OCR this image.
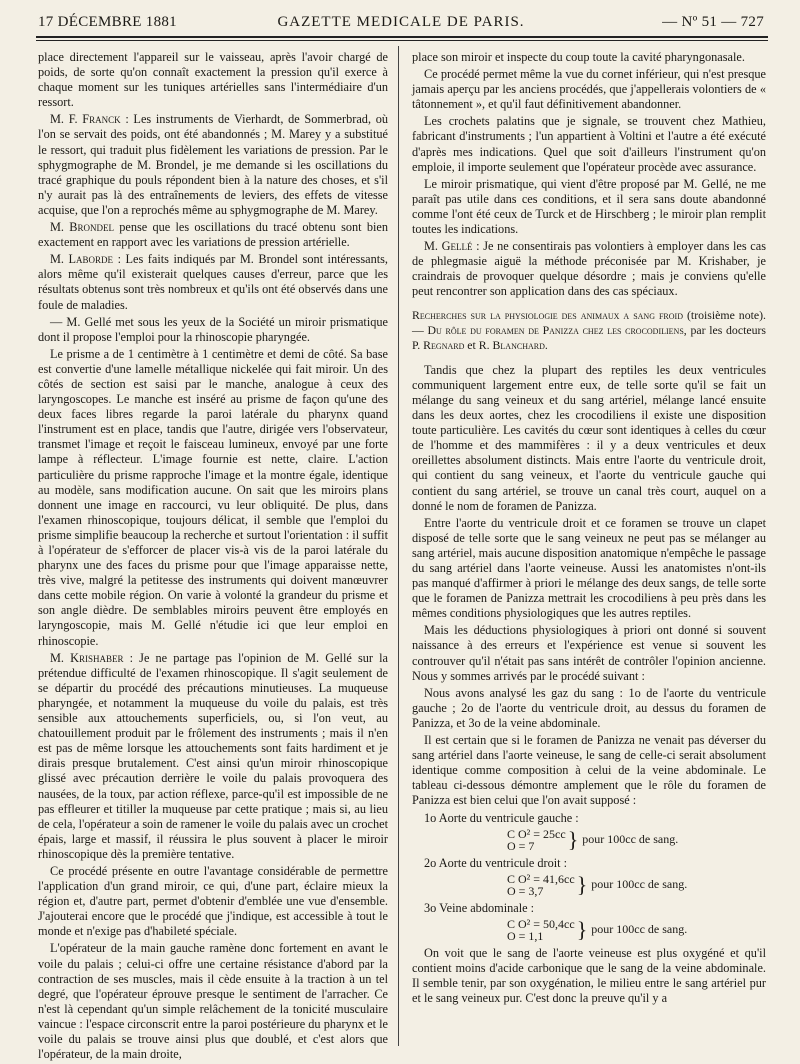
17 DÉCEMBRE 1881	GAZETTE MEDICALE DE PARIS.	— Nº 51 — 727

place directement l'appareil sur le vaisseau, après l'avoir chargé de poids, de sorte qu'on connaît exactement la pression qu'il exerce à chaque moment sur les tuniques artérielles sans l'intermédiaire d'un ressort.

M. F. Franck : Les instruments de Vierhardt, de Sommerbrad, où l'on se servait des poids, ont été abandonnés ; M. Marey y a substitué le ressort, qui traduit plus fidèlement les variations de pression. Par le sphygmographe de M. Brondel, je me demande si les oscillations du tracé graphique du pouls répondent bien à la nature des choses, et s'il n'y aurait pas là des entraînements de leviers, des effets de vitesse acquise, que l'on a reprochés même au sphygmographe de M. Marey.

M. Brondel pense que les oscillations du tracé obtenu sont bien exactement en rapport avec les variations de pression artérielle.

M. Laborde : Les faits indiqués par M. Brondel sont intéressants, alors même qu'il existerait quelques causes d'erreur, parce que les résultats obtenus sont très nombreux et qu'ils ont été observés dans une foule de maladies.

— M. Gellé met sous les yeux de la Société un miroir prismatique dont il propose l'emploi pour la rhinoscopie pharyngée.

Le prisme a de 1 centimètre à 1 centimètre et demi de côté. Sa base est convertie d'une lamelle métallique nickelée qui fait miroir. Un des côtés de section est saisi par le manche, analogue à ceux des laryngoscopes. Le manche est inséré au prisme de façon qu'une des deux faces libres regarde la paroi latérale du pharynx quand l'instrument est en place, tandis que l'autre, dirigée vers l'observateur, transmet l'image et reçoit le faisceau lumineux, envoyé par une forte lampe à réflecteur. L'image fournie est nette, claire. L'action particulière du prisme rapproche l'image et la montre égale, identique au modèle, sans modification aucune. On sait que les miroirs plans donnent une image en raccourci, vu leur obliquité. De plus, dans l'examen rhinoscopique, toujours délicat, il semble que l'emploi du prisme simplifie beaucoup la recherche et surtout l'orientation : il suffit à l'opérateur de s'efforcer de placer vis-à vis de la paroi latérale du pharynx une des faces du prisme pour que l'image apparaisse nette, très vive, malgré la petitesse des instruments qui doivent manœuvrer dans cette mobile région. On varie à volonté la grandeur du prisme et son angle dièdre. De semblables miroirs peuvent être employés en laryngoscopie, mais M. Gellé n'étudie ici que leur emploi en rhinoscopie.

M. Krishaber : Je ne partage pas l'opinion de M. Gellé sur la prétendue difficulté de l'examen rhinoscopique. Il s'agit seulement de se départir du procédé des précautions minutieuses. La muqueuse pharyngée, et notamment la muqueuse du voile du palais, est très sensible aux attouchements superficiels, ou, si l'on veut, au chatouillement produit par le frôlement des instruments ; mais il n'en est pas de même lorsque les attouchements sont faits hardiment et je dirais presque brutalement. C'est ainsi qu'un miroir rhinoscopique glissé avec précaution derrière le voile du palais provoquera des nausées, de la toux, par action réflexe, parce-qu'il est impossible de ne pas effleurer et titiller la muqueuse par cette pratique ; mais si, au lieu de cela, l'opérateur a soin de ramener le voile du palais avec un crochet épais, large et massif, il réussira le plus souvent à placer le miroir rhinoscopique dès la première tentative.

Ce procédé présente en outre l'avantage considérable de permettre l'application d'un grand miroir, ce qui, d'une part, éclaire mieux la région et, d'autre part, permet d'obtenir d'emblée une vue d'ensemble. J'ajouterai encore que le procédé que j'indique, est accessible à tout le monde et n'exige pas d'habileté spéciale.

L'opérateur de la main gauche ramène donc fortement en avant le voile du palais ; celui-ci offre une certaine résistance d'abord par la contraction de ses muscles, mais il cède ensuite à la traction à un tel degré, que l'opérateur éprouve presque le sentiment de l'arracher. Ce n'est là cependant qu'un simple relâchement de la tonicité musculaire vaincue : l'espace circonscrit entre la paroi postérieure du pharynx et le voile du palais se trouve ainsi plus que doublé, et c'est alors que l'opérateur, de la main droite,

place son miroir et inspecte du coup toute la cavité pharyngonasale.

Ce procédé permet même la vue du cornet inférieur, qui n'est presque jamais aperçu par les anciens procédés, que j'appellerais volontiers de « tâtonnement », et qu'il faut définitivement abandonner.

Les crochets palatins que je signale, se trouvent chez Mathieu, fabricant d'instruments ; l'un appartient à Voltini et l'autre a été exécuté d'après mes indications. Quel que soit d'ailleurs l'instrument qu'on emploie, il importe seulement que l'opérateur procède avec assurance.

Le miroir prismatique, qui vient d'être proposé par M. Gellé, ne me paraît pas utile dans ces conditions, et il sera sans doute abandonné comme l'ont été ceux de Turck et de Hirschberg ; le miroir plan remplit toutes les indications.

M. Gellé : Je ne consentirais pas volontiers à employer dans les cas de phlegmasie aiguë la méthode préconisée par M. Krishaber, je craindrais de provoquer quelque désordre ; mais je conviens qu'elle peut rencontrer son application dans des cas spéciaux.

Recherches sur la physiologie des animaux a sang froid (troisième note). — Du rôle du foramen de Panizza chez les crocodiliens, par les docteurs P. Regnard et R. Blanchard.

Tandis que chez la plupart des reptiles les deux ventricules communiquent largement entre eux, de telle sorte qu'il se fait un mélange du sang veineux et du sang artériel, mélange lancé ensuite dans les deux aortes, chez les crocodiliens il existe une disposition toute particulière. Les cavités du cœur sont identiques à celles du cœur de l'homme et des mammifères : il y a deux ventricules et deux oreillettes absolument distincts. Mais entre l'aorte du ventricule droit, qui contient du sang veineux, et l'aorte du ventricule gauche qui contient du sang artériel, se trouve un canal très court, auquel on a donné le nom de foramen de Panizza.

Entre l'aorte du ventricule droit et ce foramen se trouve un clapet disposé de telle sorte que le sang veineux ne peut pas se mélanger au sang artériel, mais aucune disposition anatomique n'empêche le passage du sang artériel dans l'aorte veineuse. Aussi les anatomistes n'ont-ils pas manqué d'affirmer à priori le mélange des deux sangs, de telle sorte que le foramen de Panizza mettrait les crocodiliens à peu près dans les mêmes conditions physiologiques que les autres reptiles.

Mais les déductions physiologiques à priori ont donné si souvent naissance à des erreurs et l'expérience est venue si souvent les controuver qu'il n'était pas sans intérêt de contrôler l'opinion ancienne. Nous y sommes arrivés par le procédé suivant :

Nous avons analysé les gaz du sang : 1o de l'aorte du ventricule gauche ; 2o de l'aorte du ventricule droit, au dessus du foramen de Panizza, et 3o de la veine abdominale.

Il est certain que si le foramen de Panizza ne venait pas déverser du sang artériel dans l'aorte veineuse, le sang de celle-ci serait absolument identique comme composition à celui de la veine abdominale. Le tableau ci-dessous démontre amplement que le rôle du foramen de Panizza est bien celui que l'on avait supposé :

1o Aorte du ventricule gauche :

C O² = 25cc
O = 7	} pour 100cc de sang.

2o Aorte du ventricule droit :

C O² = 41,6cc
O = 3,7	} pour 100cc de sang.

3o Veine abdominale :

C O² = 50,4cc
O = 1,1	} pour 100cc de sang.

On voit que le sang de l'aorte veineuse est plus oxygéné et qu'il contient moins d'acide carbonique que le sang de la veine abdominale. Il semble tenir, par son oxygénation, le milieu entre le sang artériel pur et le sang veineux pur. C'est donc la preuve qu'il y a
